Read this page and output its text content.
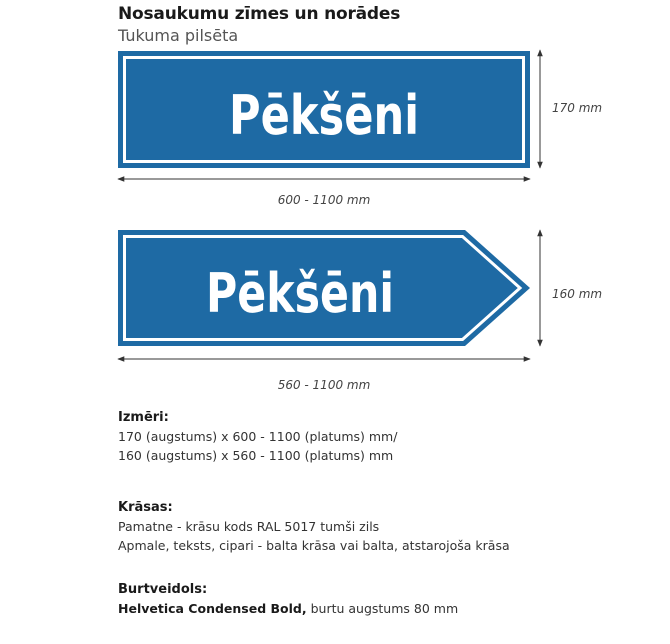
Nosaukumu zīmes un norādes
Tukuma pilsēta
Pēkšēni	170 mm
600 - 1100 mm
Pēkšēni	160 mm
560 - 1100 mm
Izmēri:
170 (augstums) x 600 - 1100 (platums) mm/
160 (augstums) x 560 - 1100 (platums) mm
Krāsas:
Pamatne - krāsu kods RAL 5017 tumši zils
Apmale, teksts, cipari - balta krāsa vai balta, atstarojoša krāsa
Burtveidols:
Helvetica Condensed Bold, burtu augstums 80 mm
